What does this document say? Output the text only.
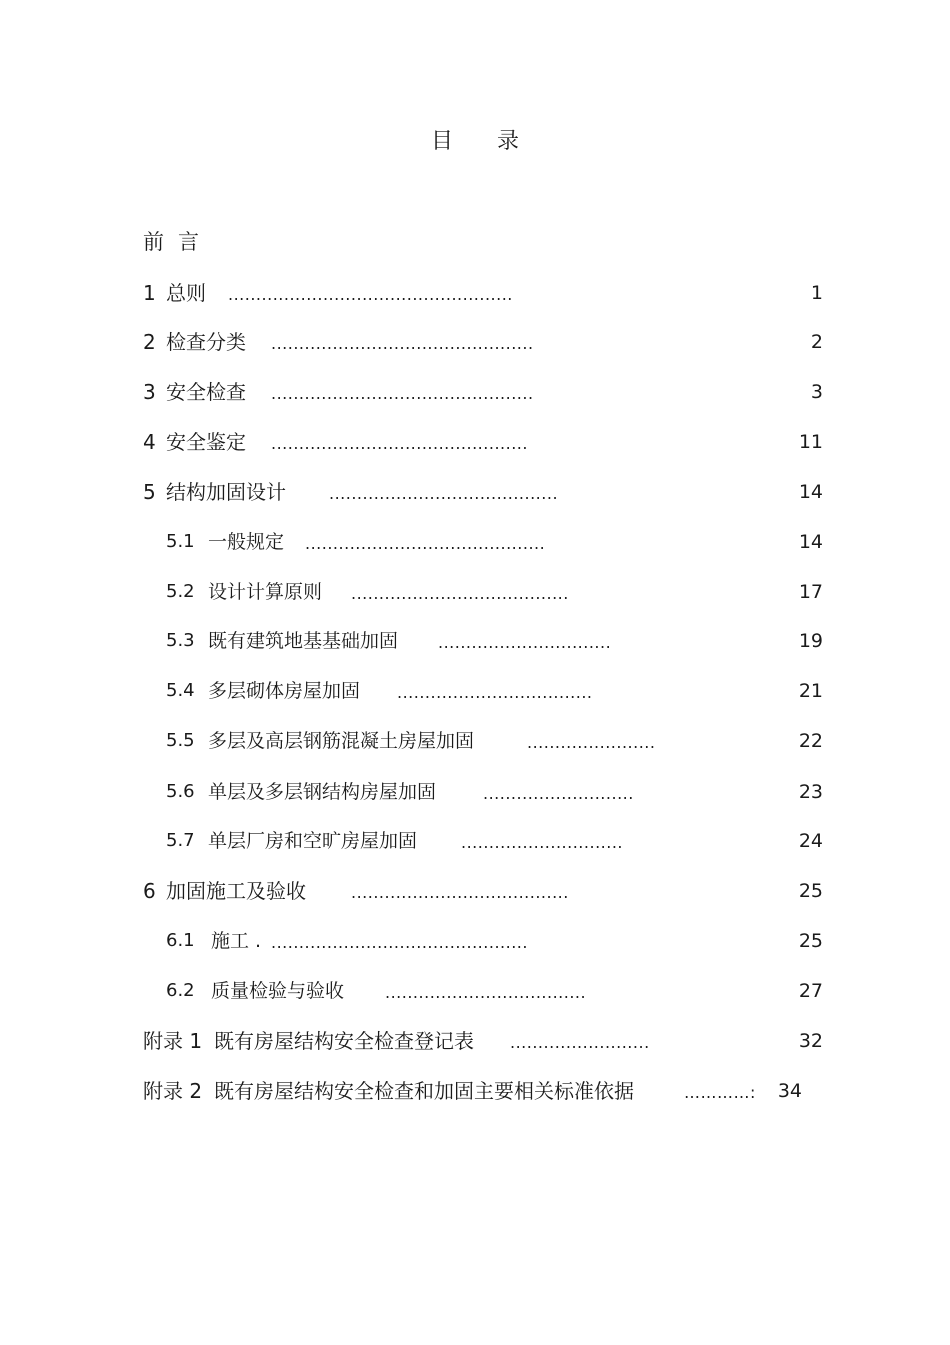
目 录
前 言
1 总则 ...................................................	1
2 检查分类 ...............................................	2
3 安全检查 ...............................................	3
4 安全鉴定 ..............................................	11
5 结构加固设计	.........................................	14
5.1 一般规定 ...........................................	14
5.2 设计计算原则 .......................................	17
5.3 既有建筑地基基础加固 ...............................	19
5.4 多层砌体房屋加固 ...................................	21
5.5 多层及高层钢筋混凝土房屋加固	.......................	22
5.6 单层及多层钢结构房屋加固	...........................	23
5.7 单层厂房和空旷房屋加固	.............................	24
6 加固施工及验收	.......................................	25
6.1 施工 . ..............................................	25
6.2 质量检验与验收	....................................	27
附录 1 既有房屋结构安全检查登记表 .........................	32
附录 2 既有房屋结构安全检查和加固主要相关标准依据	…………: 34
